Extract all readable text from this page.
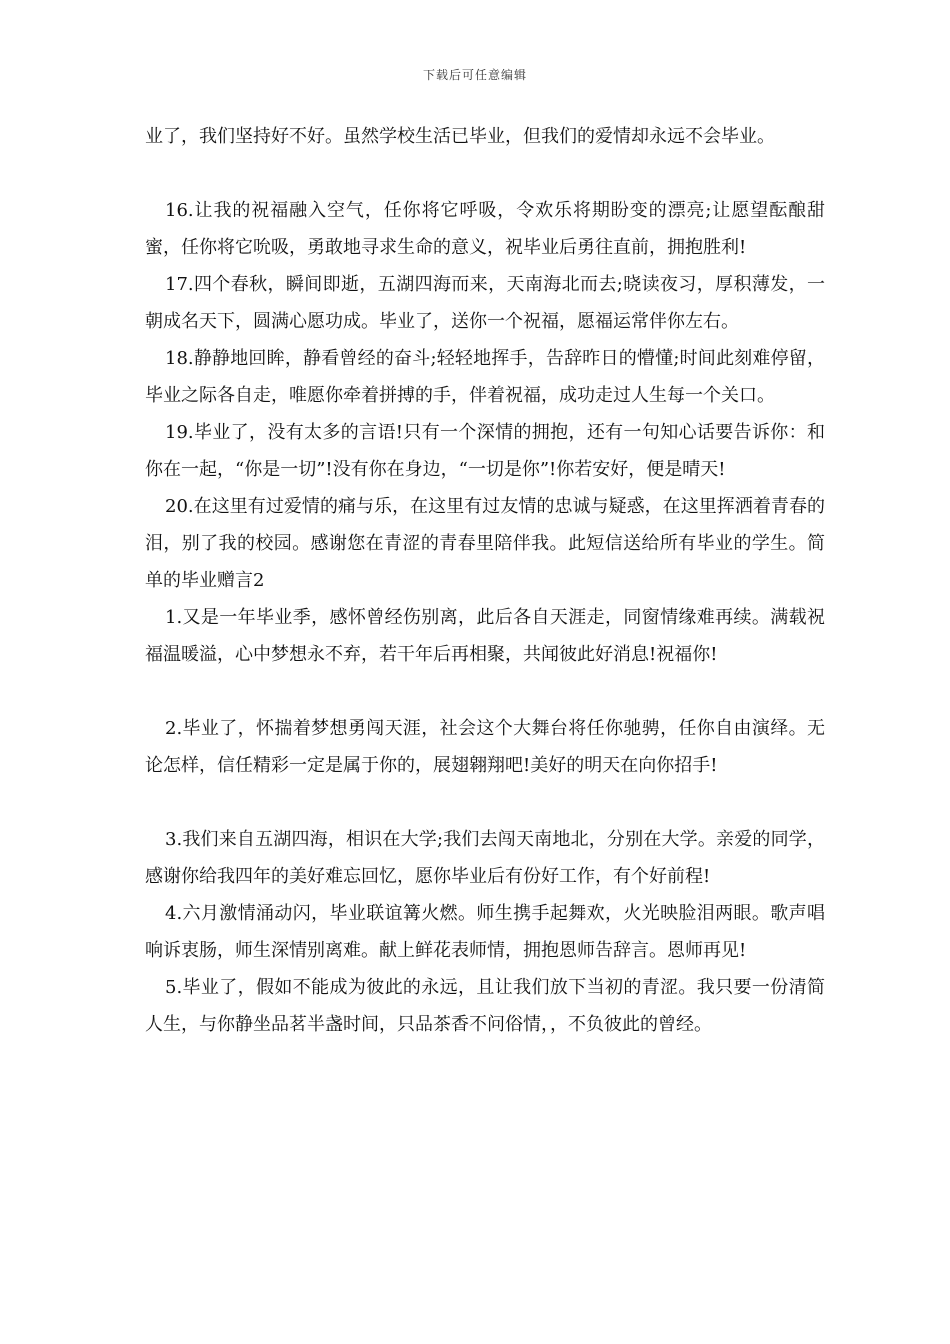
下载后可任意编辑

业了，我们坚持好不好。虽然学校生活已毕业，但我们的爱情却永远不会毕业。

16.让我的祝福融入空气，任你将它呼吸，令欢乐将期盼变的漂亮;让愿望酝酿甜蜜，任你将它吮吸，勇敢地寻求生命的意义，祝毕业后勇往直前，拥抱胜利!

17.四个春秋，瞬间即逝，五湖四海而来，天南海北而去;晓读夜习，厚积薄发，一朝成名天下，圆满心愿功成。毕业了，送你一个祝福，愿福运常伴你左右。

18.静静地回眸，静看曾经的奋斗;轻轻地挥手，告辞昨日的懵懂;时间此刻难停留，毕业之际各自走，唯愿你牵着拼搏的手，伴着祝福，成功走过人生每一个关口。

19.毕业了，没有太多的言语!只有一个深情的拥抱，还有一句知心话要告诉你：和你在一起，“你是一切”!没有你在身边，“一切是你”!你若安好，便是晴天!

20.在这里有过爱情的痛与乐，在这里有过友情的忠诚与疑惑，在这里挥洒着青春的泪，别了我的校园。感谢您在青涩的青春里陪伴我。此短信送给所有毕业的学生。简单的毕业赠言2

1.又是一年毕业季，感怀曾经伤别离，此后各自天涯走，同窗情缘难再续。满载祝福温暖溢，心中梦想永不弃，若干年后再相聚，共闻彼此好消息!祝福你!

2.毕业了，怀揣着梦想勇闯天涯，社会这个大舞台将任你驰骋，任你自由演绎。无论怎样，信任精彩一定是属于你的，展翅翱翔吧!美好的明天在向你招手!

3.我们来自五湖四海，相识在大学;我们去闯天南地北，分别在大学。亲爱的同学，感谢你给我四年的美好难忘回忆，愿你毕业后有份好工作，有个好前程!

4.六月激情涌动闪，毕业联谊篝火燃。师生携手起舞欢，火光映脸泪两眼。歌声唱响诉衷肠，师生深情别离难。献上鲜花表师情，拥抱恩师告辞言。恩师再见!

5.毕业了，假如不能成为彼此的永远，且让我们放下当初的青涩。我只要一份清简人生，与你静坐品茗半盏时间，只品茶香不问俗情，，不负彼此的曾经。
